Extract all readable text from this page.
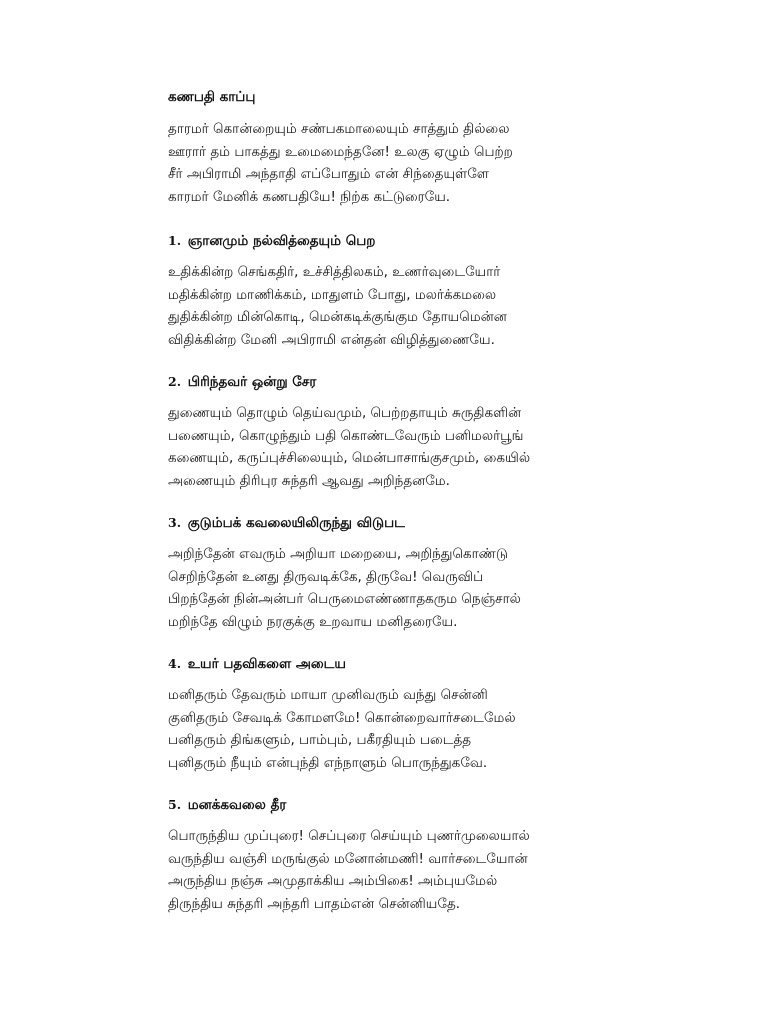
கணபதி காப்பு
தாரமர் கொன்றையும் சண்பகமாலையும் சாத்தும் தில்லை
ஊரார் தம் பாகத்து உமைமைந்தனே! உலகு ஏழும் பெற்ற
சீர் அபிராமி அந்தாதி எப்போதும் என் சிந்தையுள்ளே
காரமர் மேனிக் கணபதியே! நிற்க கட்டுரையே.
1. ஞானமும் நல்வித்தையும் பெற
உதிக்கின்ற செங்கதிர், உச்சித்திலகம், உணர்வுடையோர்
மதிக்கின்ற மாணிக்கம், மாதுளம் போது, மலர்க்கமலை
துதிக்கின்ற மின்கொடி, மென்கடிக்குங்கும தோயமென்ன
விதிக்கின்ற மேனி அபிராமி என்தன் விழித்துணையே.
2. பிரிந்தவர் ஒன்று சேர
துணையும் தொழும் தெய்வமும், பெற்றதாயும் சுருதிகளின்
பணையும், கொழுந்தும் பதி கொண்டவேரும் பனிமலர்பூங்
கணையும், கருப்புச்சிலையும், மென்பாசாங்குசமும், கையில்
அணையும் திரிபுர சுந்தரி ஆவது அறிந்தனமே.
3. குடும்பக் கவலையிலிருந்து விடுபட
அறிந்தேன் எவரும் அறியா மறையை, அறிந்துகொண்டு
செறிந்தேன் உனது திருவடிக்கே, திருவே! வெருவிப்
பிறந்தேன் நின்அன்பர் பெருமைஎண்ணாதகரும நெஞ்சால்
மறிந்தே விழும் நரகுக்கு உறவாய மனிதரையே.
4. உயர் பதவிகளை அடைய
மனிதரும் தேவரும் மாயா முனிவரும் வந்து சென்னி
குனிதரும் சேவடிக் கோமளமே! கொன்றைவார்சடைமேல்
பனிதரும் திங்களும், பாம்பும், பகீரதியும் படைத்த
புனிதரும் நீயும் என்புந்தி எந்நாளும் பொருந்துகவே.
5. மனக்கவலை தீர
பொருந்திய முப்புரை! செப்புரை செய்யும் புணர்முலையால்
வருந்திய வஞ்சி மருங்குல் மனோன்மணி! வார்சடையோன்
அருந்திய நஞ்சு அமுதாக்கிய அம்பிகை! அம்புயமேல்
திருந்திய சுந்தரி அந்தரி பாதம்என் சென்னியதே.
